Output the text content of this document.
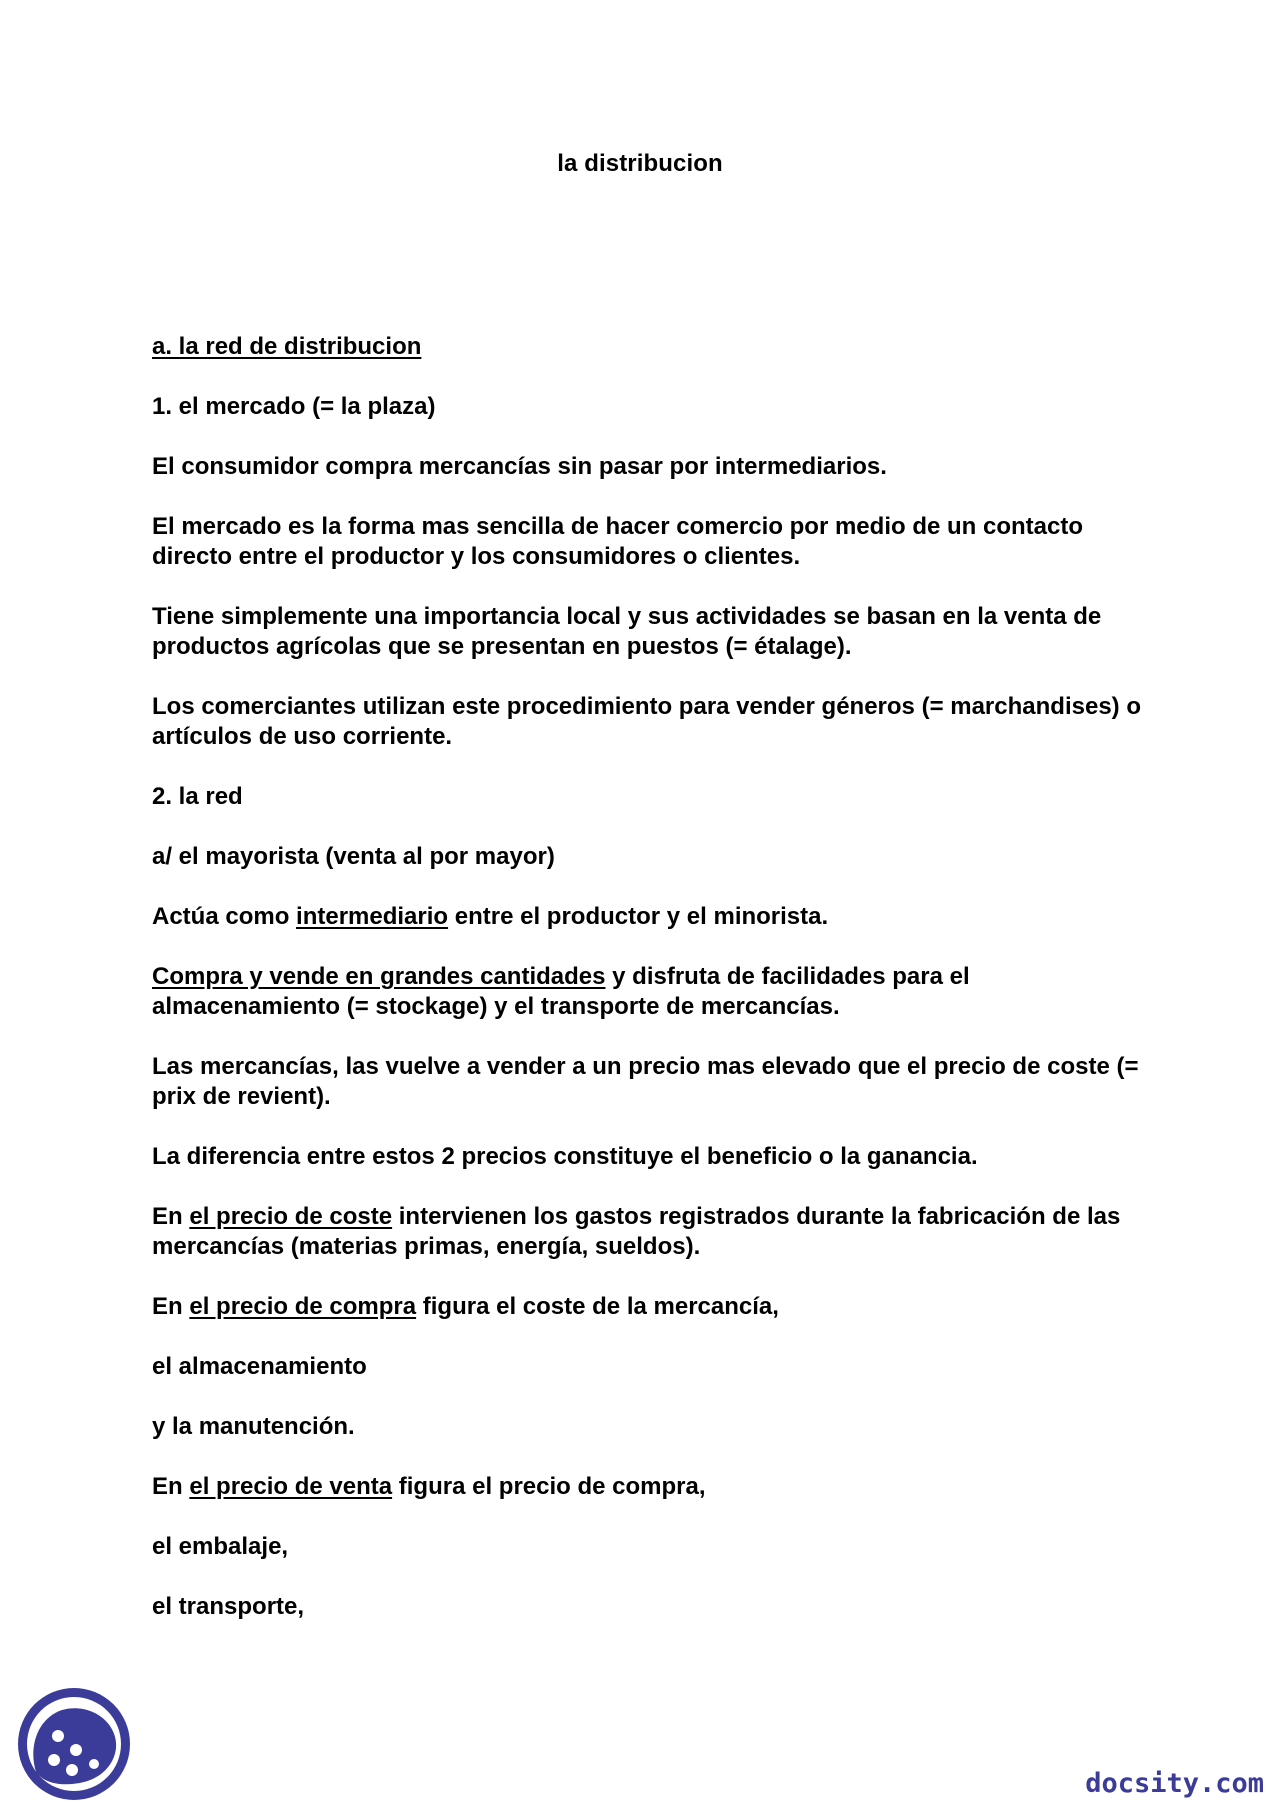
la distribucion

a. la red de distribucion

1. el mercado (= la plaza)

El consumidor compra mercancías sin pasar por intermediarios.

El mercado es la forma mas sencilla de hacer comercio por medio de un contacto directo entre el productor y los consumidores o clientes.

Tiene simplemente una importancia local y sus actividades se basan en la venta de productos agrícolas que se presentan en puestos (= étalage).

Los comerciantes utilizan este procedimiento para vender géneros (= marchandises) o artículos de uso corriente.

2. la red

a/ el mayorista (venta al por mayor)

Actúa como intermediario entre el productor y el minorista.

Compra y vende en grandes cantidades y disfruta de facilidades para el almacenamiento (= stockage) y el transporte de mercancías.

Las mercancías, las vuelve a vender a un precio mas elevado que el precio de coste (= prix de revient).

La diferencia entre estos 2 precios constituye el beneficio o la ganancia.

En el precio de coste intervienen los gastos registrados durante la fabricación de las mercancías (materias primas, energía, sueldos).

En el precio de compra figura el coste de la mercancía,

el almacenamiento

y la manutención.

En el precio de venta figura el precio de compra,

el embalaje,

el transporte,

docsity.com
